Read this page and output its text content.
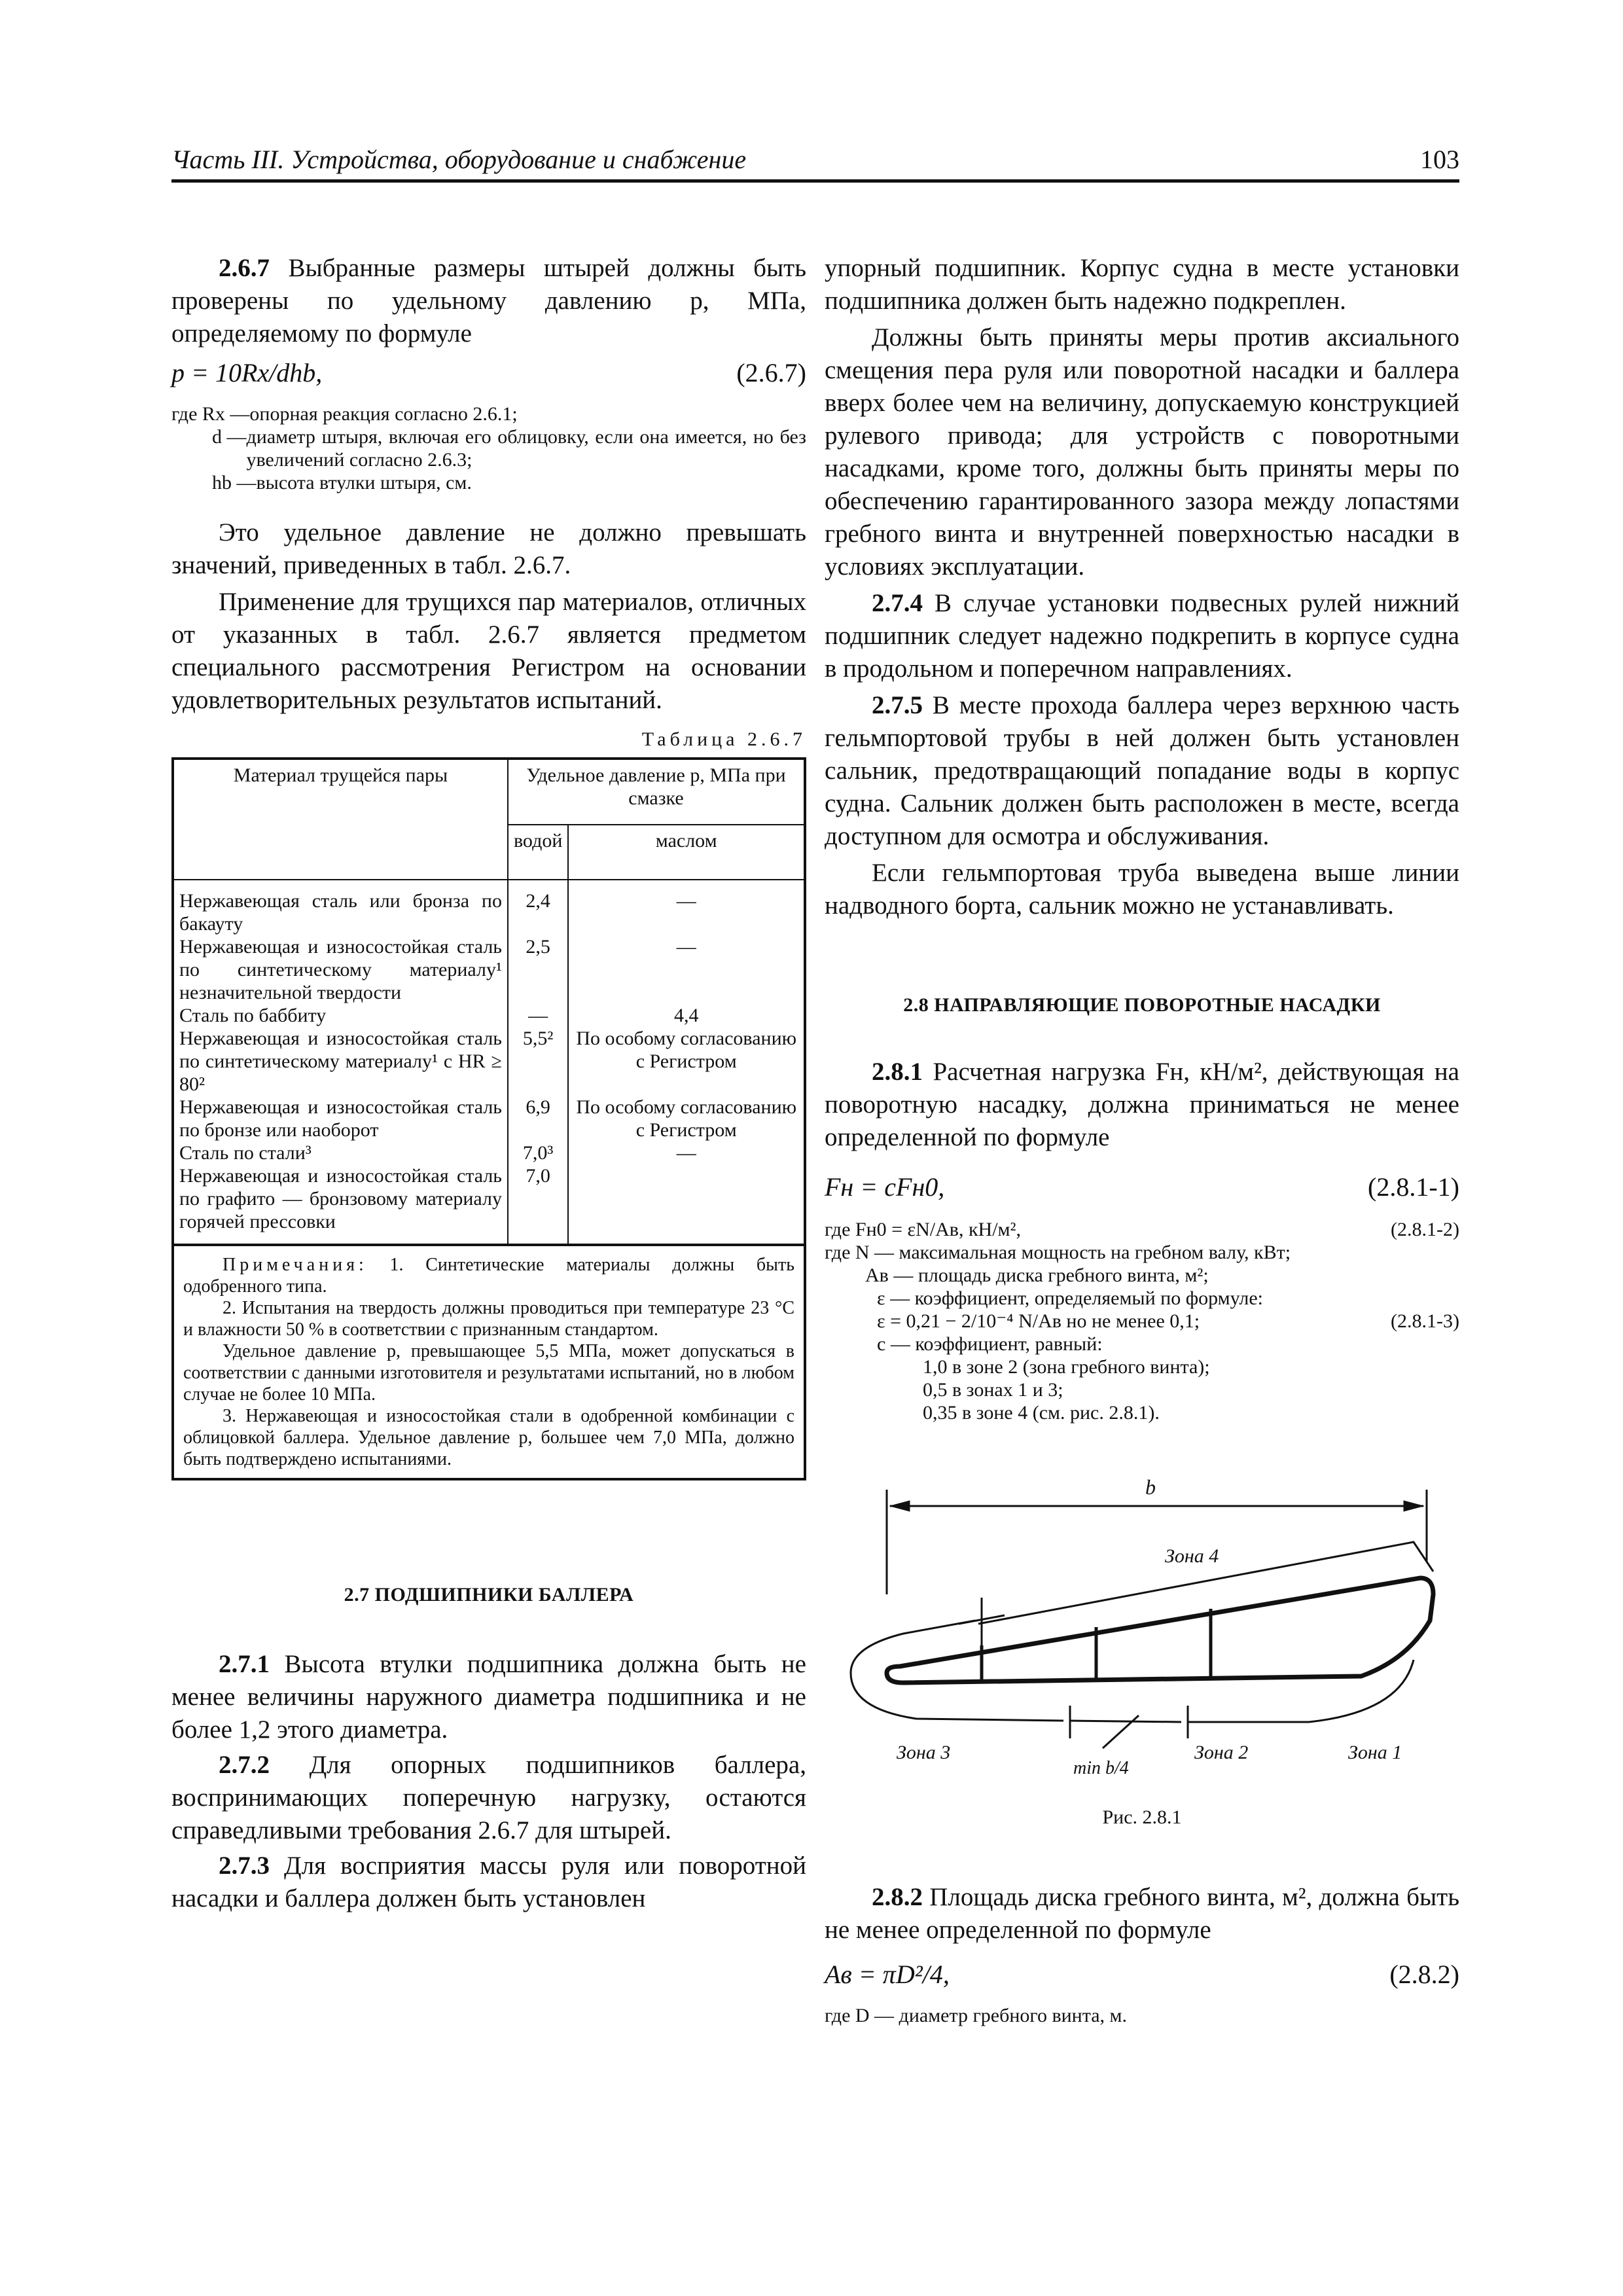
Часть III. Устройства, оборудование и снабжение	103

2.6.7 Выбранные размеры штырей должны быть проверены по удельному давлению p, МПа, определяемому по формуле

p = 10Rx/dhb,	(2.6.7)
где Rx — опорная реакция согласно 2.6.1;
d — диаметр штыря, включая его облицовку, если она имеется, но без увеличений согласно 2.6.3;
hb — высота втулки штыря, см.

Это удельное давление не должно превышать значений, приведенных в табл. 2.6.7.

Применение для трущихся пар материалов, отличных от указанных в табл. 2.6.7 является предметом специального рассмотрения Регистром на основании удовлетворительных результатов испытаний.

Таблица 2.6.7
Материал трущейся пары	Удельное давление p, МПа при смазке	
	водой	маслом
Нержавеющая сталь или бронза по бакауту	2,4	—
Нержавеющая и износостойкая сталь по синтетическому материалу¹ незначительной твердости	2,5	—
Сталь по баббиту	—	4,4
Нержавеющая и износостойкая сталь по синтетическому материалу¹ с HR ≥ 80²	5,5²	По особому согласованию с Регистром
Нержавеющая и износостойкая сталь по бронзе или наоборот	6,9	По особому согласованию с Регистром
Сталь по стали³	7,0³	—
Нержавеющая и износостойкая сталь по графито — бронзовому материалу горячей прессовки	7,0	

Примечания: 1. Синтетические материалы должны быть одобренного типа.

2. Испытания на твердость должны проводиться при температуре 23 °С и влажности 50 % в соответствии с признанным стандартом.

Удельное давление p, превышающее 5,5 МПа, может допускаться в соответствии с данными изготовителя и результатами испытаний, но в любом случае не более 10 МПа.

3. Нержавеющая и износостойкая стали в одобренной комбинации с облицовкой баллера. Удельное давление p, большее чем 7,0 МПа, должно быть подтверждено испытаниями.

2.7 ПОДШИПНИКИ БАЛЛЕРА

2.7.1 Высота втулки подшипника должна быть не менее величины наружного диаметра подшипника и не более 1,2 этого диаметра.

2.7.2 Для опорных подшипников баллера, воспринимающих поперечную нагрузку, остаются справедливыми требования 2.6.7 для штырей.

2.7.3 Для восприятия массы руля или поворотной насадки и баллера должен быть установлен

упорный подшипник. Корпус судна в месте установки подшипника должен быть надежно подкреплен.

Должны быть приняты меры против аксиального смещения пера руля или поворотной насадки и баллера вверх более чем на величину, допускаемую конструкцией рулевого привода; для устройств с поворотными насадками, кроме того, должны быть приняты меры по обеспечению гарантированного зазора между лопастями гребного винта и внутренней поверхностью насадки в условиях эксплуатации.

2.7.4 В случае установки подвесных рулей нижний подшипник следует надежно подкрепить в корпусе судна в продольном и поперечном направлениях.

2.7.5 В месте прохода баллера через верхнюю часть гельмпортовой трубы в ней должен быть установлен сальник, предотвращающий попадание воды в корпус судна. Сальник должен быть расположен в месте, всегда доступном для осмотра и обслуживания.

Если гельмпортовая труба выведена выше линии надводного борта, сальник можно не устанавливать.

2.8 НАПРАВЛЯЮЩИЕ ПОВОРОТНЫЕ НАСАДКИ

2.8.1 Расчетная нагрузка Fн, кН/м², действующая на поворотную насадку, должна приниматься не менее определенной по формуле

Fн = cFн0,	(2.8.1-1)
где Fн0 = εN/Aв, кН/м²,	(2.8.1-2)
где N — максимальная мощность на гребном валу, кВт;
Aв — площадь диска гребного винта, м²;
ε — коэффициент, определяемый по формуле:
ε = 0,21 − 2/10⁻⁴ N/Aв но не менее 0,1;	(2.8.1-3)
c — коэффициент, равный:
1,0 в зоне 2 (зона гребного винта);
0,5 в зонах 1 и 3;
0,35 в зоне 4 (см. рис. 2.8.1).
b
Зона 4
Зона 3
min b/4
Зона 2	Зона 1
Рис. 2.8.1

2.8.2 Площадь диска гребного винта, м², должна быть не менее определенной по формуле

Aв = πD²/4,	(2.8.2)
где D — диаметр гребного винта, м.
